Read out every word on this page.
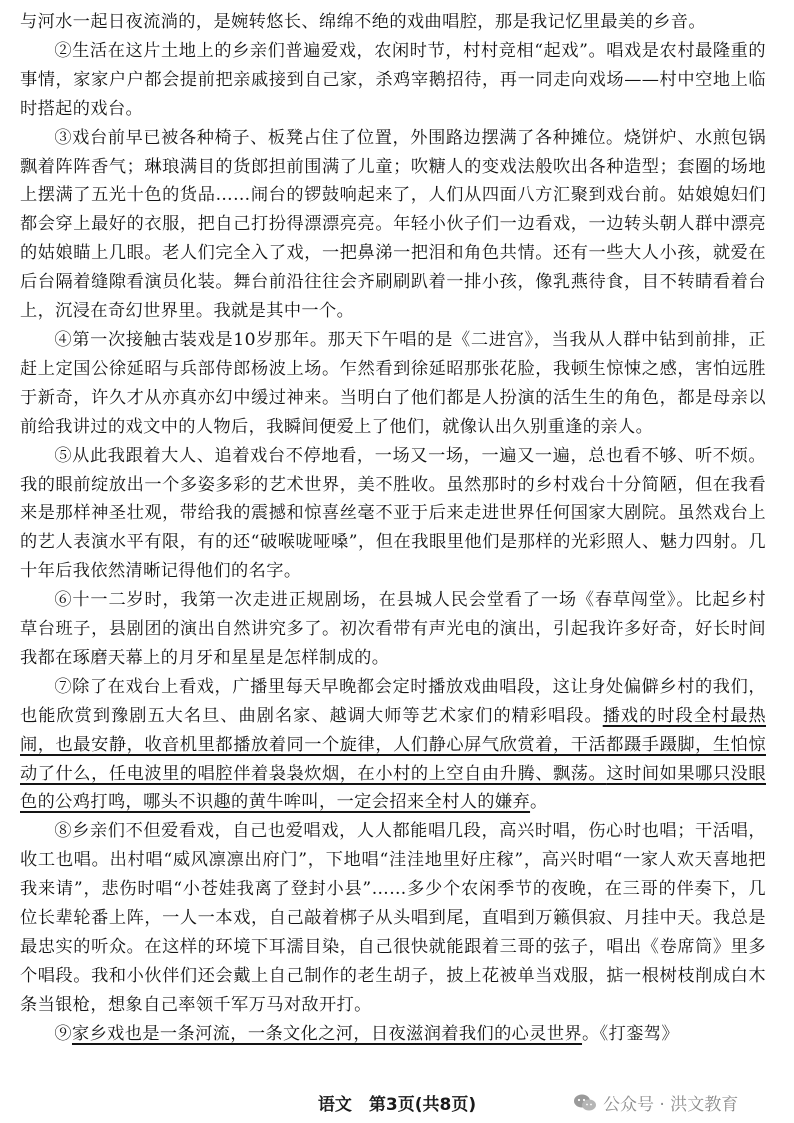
与河水一起日夜流淌的，是婉转悠长、绵绵不绝的戏曲唱腔，那是我记忆里最美的乡音。

②生活在这片土地上的乡亲们普遍爱戏，农闲时节，村村竞相“起戏”。唱戏是农村最隆重的事情，家家户户都会提前把亲戚接到自己家，杀鸡宰鹅招待，再一同走向戏场——村中空地上临时搭起的戏台。

③戏台前早已被各种椅子、板凳占住了位置，外围路边摆满了各种摊位。烧饼炉、水煎包锅飘着阵阵香气；琳琅满目的货郎担前围满了儿童；吹糖人的变戏法般吹出各种造型；套圈的场地上摆满了五光十色的货品……闹台的锣鼓响起来了，人们从四面八方汇聚到戏台前。姑娘媳妇们都会穿上最好的衣服，把自己打扮得漂漂亮亮。年轻小伙子们一边看戏，一边转头朝人群中漂亮的姑娘瞄上几眼。老人们完全入了戏，一把鼻涕一把泪和角色共情。还有一些大人小孩，就爱在后台隔着缝隙看演员化装。舞台前沿往往会齐刷刷趴着一排小孩，像乳燕待食，目不转睛看着台上，沉浸在奇幻世界里。我就是其中一个。

④第一次接触古装戏是10岁那年。那天下午唱的是《二进宫》，当我从人群中钻到前排，正赶上定国公徐延昭与兵部侍郎杨波上场。乍然看到徐延昭那张花脸，我顿生惊悚之感，害怕远胜于新奇，许久才从亦真亦幻中缓过神来。当明白了他们都是人扮演的活生生的角色，都是母亲以前给我讲过的戏文中的人物后，我瞬间便爱上了他们，就像认出久别重逢的亲人。

⑤从此我跟着大人、追着戏台不停地看，一场又一场，一遍又一遍，总也看不够、听不烦。我的眼前绽放出一个多姿多彩的艺术世界，美不胜收。虽然那时的乡村戏台十分简陋，但在我看来是那样神圣壮观，带给我的震撼和惊喜丝毫不亚于后来走进世界任何国家大剧院。虽然戏台上的艺人表演水平有限，有的还“破喉咙哑嗓”，但在我眼里他们是那样的光彩照人、魅力四射。几十年后我依然清晰记得他们的名字。

⑥十一二岁时，我第一次走进正规剧场，在县城人民会堂看了一场《春草闯堂》。比起乡村草台班子，县剧团的演出自然讲究多了。初次看带有声光电的演出，引起我许多好奇，好长时间我都在琢磨天幕上的月牙和星星是怎样制成的。

⑦除了在戏台上看戏，广播里每天早晚都会定时播放戏曲唱段，这让身处偏僻乡村的我们，也能欣赏到豫剧五大名旦、曲剧名家、越调大师等艺术家们的精彩唱段。播戏的时段全村最热闹，也最安静，收音机里都播放着同一个旋律，人们静心屏气欣赏着，干活都蹑手蹑脚，生怕惊动了什么，任电波里的唱腔伴着袅袅炊烟，在小村的上空自由升腾、飘荡。这时间如果哪只没眼色的公鸡打鸣，哪头不识趣的黄牛哞叫，一定会招来全村人的嫌弃。

⑧乡亲们不但爱看戏，自己也爱唱戏，人人都能唱几段，高兴时唱，伤心时也唱；干活唱，收工也唱。出村唱“威风凛凛出府门”，下地唱“洼洼地里好庄稼”，高兴时唱“一家人欢天喜地把我来请”，悲伤时唱“小苍娃我离了登封小县”……多少个农闲季节的夜晚，在三哥的伴奏下，几位长辈轮番上阵，一人一本戏，自己敲着梆子从头唱到尾，直唱到万籁俱寂、月挂中天。我总是最忠实的听众。在这样的环境下耳濡目染，自己很快就能跟着三哥的弦子，唱出《卷席筒》里多个唱段。我和小伙伴们还会戴上自己制作的老生胡子，披上花被单当戏服，掂一根树枝削成白木条当银枪，想象自己率领千军万马对敌开打。

⑨家乡戏也是一条河流，一条文化之河，日夜滋润着我们的心灵世界。《打銮驾》

语文　第3页(共8页)	公众号 · 洪文教育
